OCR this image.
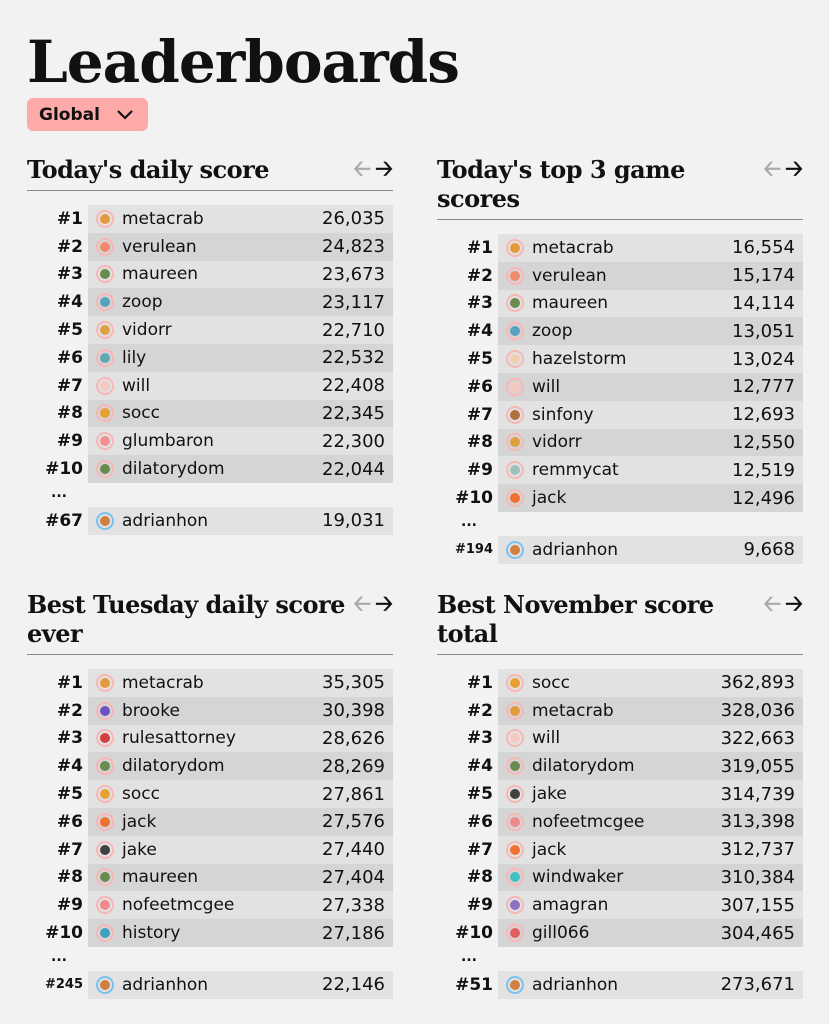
Leaderboards
Global
Today's daily score	🡠 🡢
#1 metacrab	26,035
#2 verulean	24,823
#3 maureen	23,673
#4 zoop	23,117
#5 vidorr	22,710
#6 lily	22,532
#7 will	22,408
#8 socc	22,345
#9 glumbaron	22,300
#10 dilatorydom	22,044
...
#67 adrianhon	19,031
Today's top 3 game scores
🡠 🡢
#1 metacrab	16,554
#2 verulean	15,174
#3 maureen	14,114
#4 zoop	13,051
#5 hazelstorm	13,024
#6 will	12,777
#7 sinfony	12,693
#8 vidorr	12,550
#9 remmycat	12,519
#10 jack	12,496
...
#194 adrianhon	9,668
Best Tuesday daily score ever
🡠 🡢
#1 metacrab	35,305
#2 brooke	30,398
#3 rulesattorney	28,626
#4 dilatorydom	28,269
#5 socc	27,861
#6 jack	27,576
#7 jake	27,440
#8 maureen	27,404
#9 nofeetmcgee	27,338
#10 history	27,186
...
#245 adrianhon	22,146
Best November score total
🡠 🡢
#1 socc	362,893
#2 metacrab	328,036
#3 will	322,663
#4 dilatorydom	319,055
#5 jake	314,739
#6 nofeetmcgee	313,398
#7 jack	312,737
#8 windwaker	310,384
#9 amagran	307,155
#10 gill066	304,465
...
#51 adrianhon	273,671
